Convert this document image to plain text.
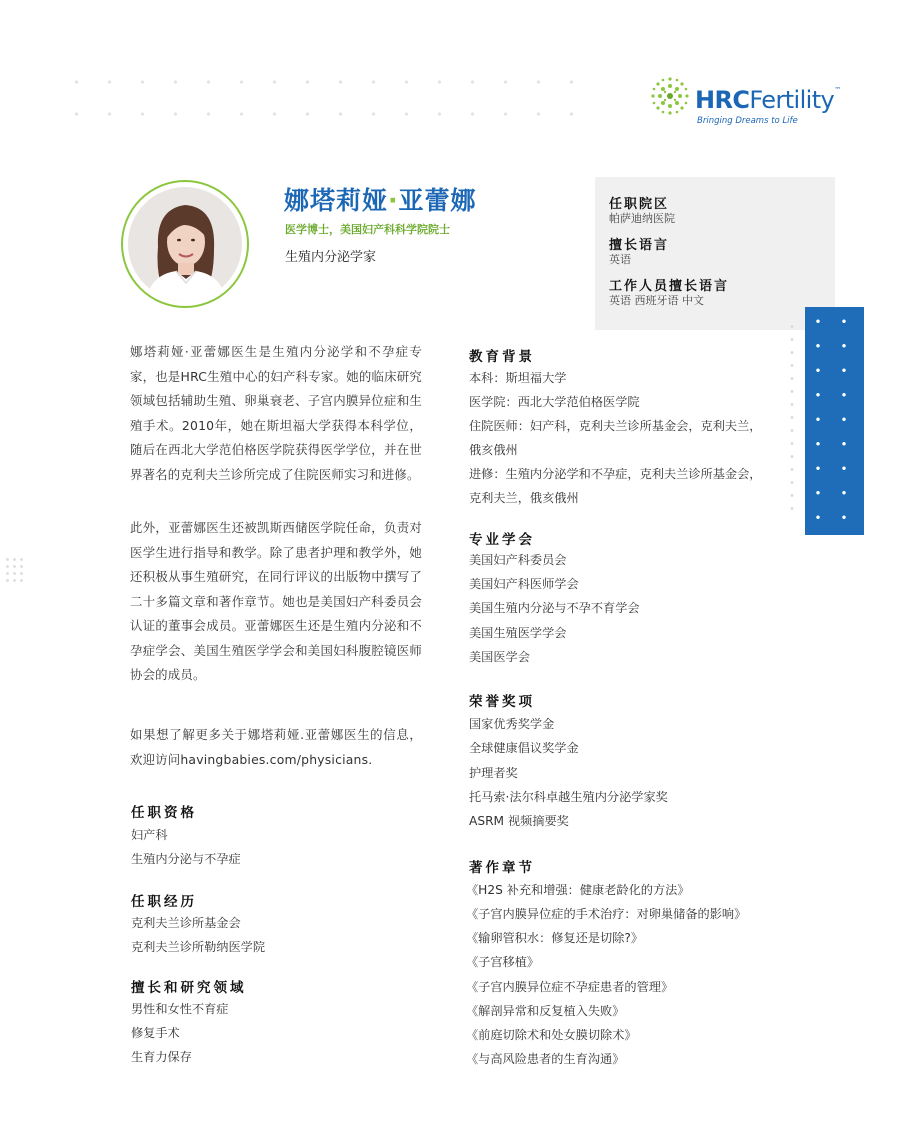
HRCFertility™
Bringing Dreams to Life
娜塔莉娅·亚蕾娜
医学博士，美国妇产科科学院院士
生殖内分泌学家
任职院区
帕萨迪纳医院
擅长语言
英语
工作人员擅长语言
英语 西班牙语 中文
娜塔莉娅·亚蕾娜医生是生殖内分泌学和不孕症专家，也是HRC生殖中心的妇产科专家。她的临床研究领域包括辅助生殖、卵巢衰老、子宫内膜异位症和生殖手术。2010年，她在斯坦福大学获得本科学位，随后在西北大学范伯格医学院获得医学学位，并在世界著名的克利夫兰诊所完成了住院医师实习和进修。
此外，亚蕾娜医生还被凯斯西储医学院任命，负责对医学生进行指导和教学。除了患者护理和教学外，她还积极从事生殖研究，在同行评议的出版物中撰写了二十多篇文章和著作章节。她也是美国妇产科委员会认证的董事会成员。亚蕾娜医生还是生殖内分泌和不孕症学会、美国生殖医学学会和美国妇科腹腔镜医师协会的成员。
如果想了解更多关于娜塔莉娅.亚蕾娜医生的信息，欢迎访问havingbabies.com/physicians.
任职资格
妇产科
生殖内分泌与不孕症
任职经历
克利夫兰诊所基金会
克利夫兰诊所勒纳医学院
擅长和研究领域
男性和女性不育症
修复手术
生育力保存
教育背景
本科：斯坦福大学
医学院：西北大学范伯格医学院
住院医师：妇产科，克利夫兰诊所基金会，克利夫兰，
俄亥俄州
进修：生殖内分泌学和不孕症，克利夫兰诊所基金会，
克利夫兰，俄亥俄州
专业学会
美国妇产科委员会
美国妇产科医师学会
美国生殖内分泌与不孕不育学会
美国生殖医学学会
美国医学会
荣誉奖项
国家优秀奖学金
全球健康倡议奖学金
护理者奖
托马索·法尔科卓越生殖内分泌学家奖
ASRM 视频摘要奖
著作章节
《H2S 补充和增强：健康老龄化的方法》
《子宫内膜异位症的手术治疗：对卵巢储备的影响》
《输卵管积水：修复还是切除?》
《子宫移植》
《子宫内膜异位症不孕症患者的管理》
《解剖异常和反复植入失败》
《前庭切除术和处女膜切除术》
《与高风险患者的生育沟通》
